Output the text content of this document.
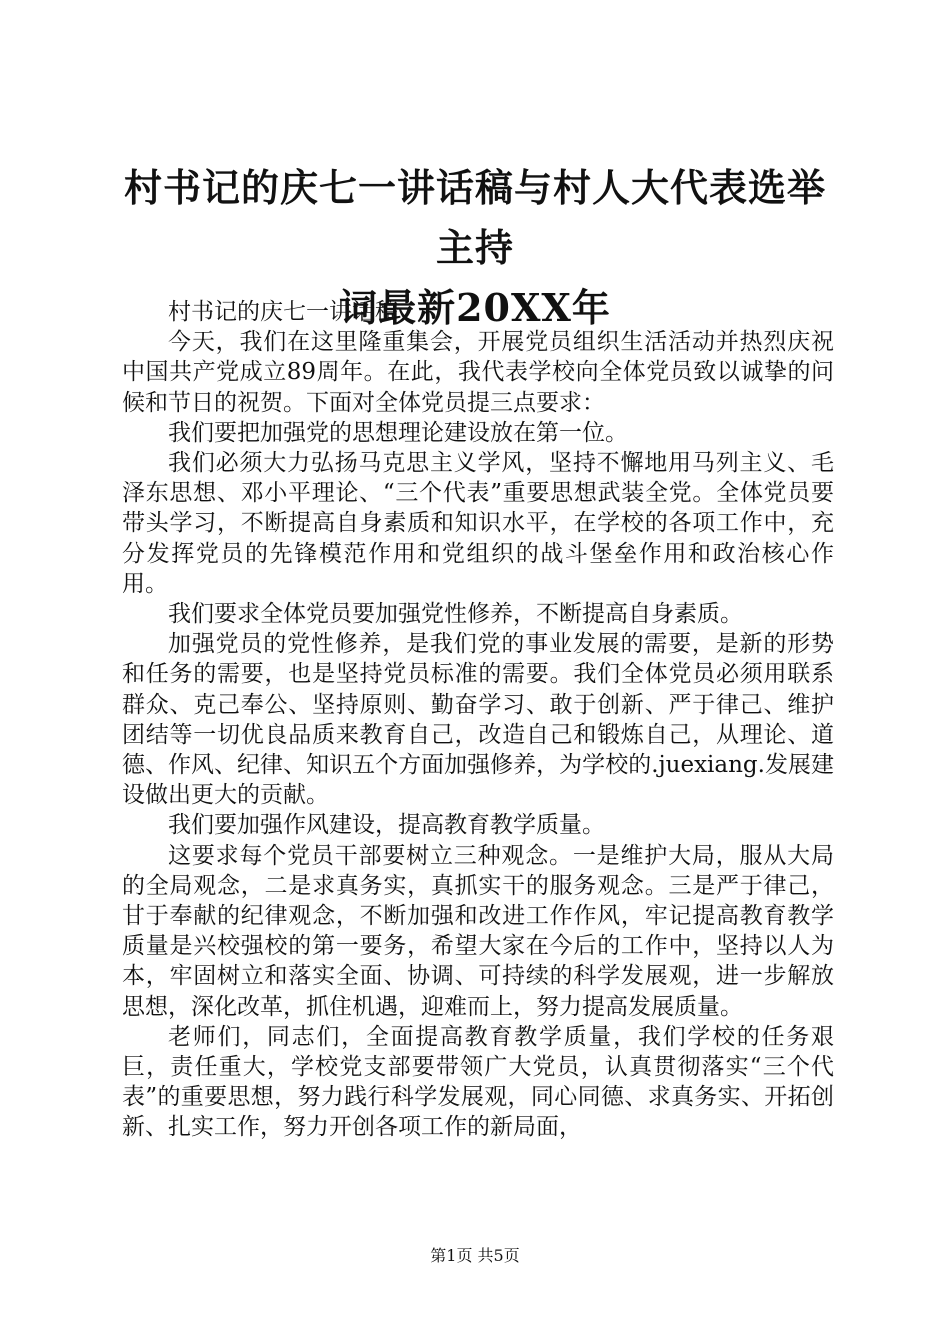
村书记的庆七一讲话稿与村人大代表选举主持
词最新20XX年

村书记的庆七一讲话稿

今天，我们在这里隆重集会，开展党员组织生活活动并热烈庆祝中国共产党成立89周年。在此，我代表学校向全体党员致以诚挚的问候和节日的祝贺。下面对全体党员提三点要求：

我们要把加强党的思想理论建设放在第一位。

我们必须大力弘扬马克思主义学风，坚持不懈地用马列主义、毛泽东思想、邓小平理论、“三个代表”重要思想武装全党。全体党员要带头学习，不断提高自身素质和知识水平，在学校的各项工作中，充分发挥党员的先锋模范作用和党组织的战斗堡垒作用和政治核心作用。

我们要求全体党员要加强党性修养，不断提高自身素质。

加强党员的党性修养，是我们党的事业发展的需要，是新的形势和任务的需要，也是坚持党员标准的需要。我们全体党员必须用联系群众、克己奉公、坚持原则、勤奋学习、敢于创新、严于律己、维护团结等一切优良品质来教育自己，改造自己和锻炼自己，从理论、道德、作风、纪律、知识五个方面加强修养，为学校的.juexiang.发展建设做出更大的贡献。

我们要加强作风建设，提高教育教学质量。

这要求每个党员干部要树立三种观念。一是维护大局，服从大局的全局观念，二是求真务实，真抓实干的服务观念。三是严于律己，甘于奉献的纪律观念，不断加强和改进工作作风，牢记提高教育教学质量是兴校强校的第一要务，希望大家在今后的工作中，坚持以人为本，牢固树立和落实全面、协调、可持续的科学发展观，进一步解放思想，深化改革，抓住机遇，迎难而上，努力提高发展质量。

老师们，同志们，全面提高教育教学质量，我们学校的任务艰巨，责任重大，学校党支部要带领广大党员，认真贯彻落实“三个代表”的重要思想，努力践行科学发展观，同心同德、求真务实、开拓创新、扎实工作，努力开创各项工作的新局面，

第1页 共5页
